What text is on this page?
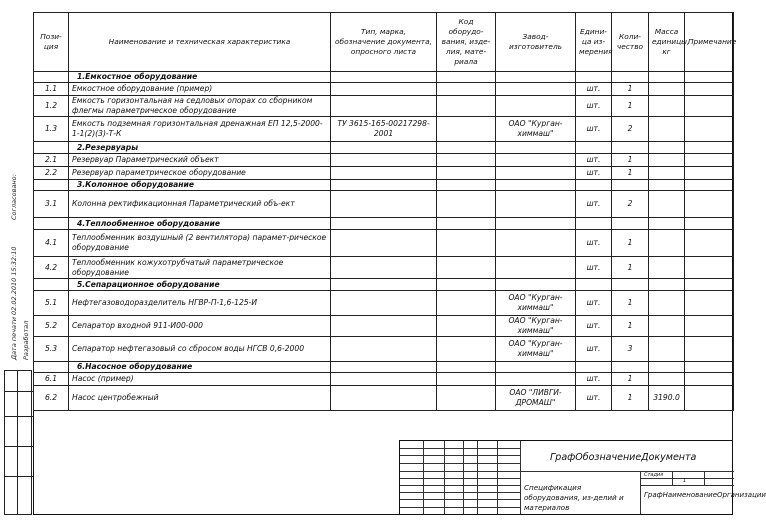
Пози-
ция	Наименование и техническая характеристика	Тип, марка,
обозначение документа,
опросного листа	Код оборудо-
вания, изде-
лия, мате-
риала	Завод-
изготовитель	Едини-
ца из-
мерения	Коли-
чество	Масса
единицы,
кг	Примечание
	1.Емкостное оборудование							
1.1	Емкостное оборудование (пример)				шт.	1		
1.2	Емкость горизонтальная на седловых опорах со сборником флегмы параметрическое оборудование				шт.	1		
1.3	Емкость подземная горизонтальная дренажная ЕП 12,5-2000-1-1(2)(3)-Т-К	ТУ 3615-165-00217298-2001		ОАО "Курган-химмаш"	шт.	2		
	2.Резервуары							
2.1	Резервуар Параметрический объект				шт.	1		
2.2	Резервуар параметрическое оборудование				шт.	1		
	3.Колонное оборудование							
3.1	Колонна ректификационная Параметрический объ-ект				шт.	2		
	4.Теплообменное оборудование							
4.1	Теплообменник воздушный (2 вентилятора) парамет-рическое оборудование				шт.	1		
4.2	Теплообменник кожухотрубчатый параметрическое оборудование				шт.	1		
	5.Сепарационное оборудование							
5.1	Нефтегазоводоразделитель НГВР-П-1,6-125-И			ОАО "Курган-химмаш"	шт.	1		
5.2	Сепаратор входной 911-И00-000			ОАО "Курган-химмаш"	шт.	1		
5.3	Сепаратор нефтегазовый со сбросом воды НГСВ 0,6-2000			ОАО "Курган-химмаш"	шт.	3		
	6.Насосное оборудование							
6.1	Насос (пример)				шт.	1		
6.2	Насос центробежный			ОАО "ЛИВГИ-ДРОМАШ"	шт.	1	3190.0	
Согласовано:
Дата печати 02.02.2010 15:32:10 Разработал
ГрафОбозначениеДокумента
Спецификация оборудования, из-делий и материалов
Стадия
1
ГрафНаименованиеОрганизации
